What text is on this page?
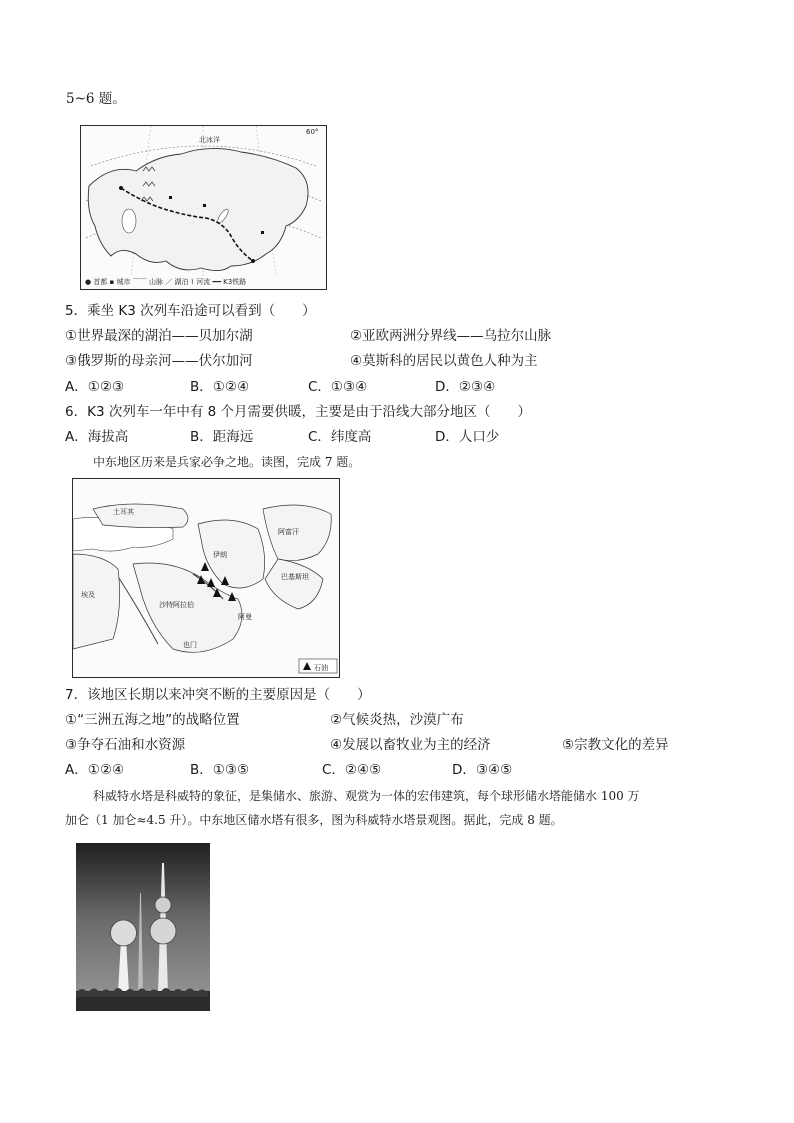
5~6 题。
北冰洋
60°
● 首都 ▪ 城市 ⌒⌒ 山脉 ／ 湖泊 ⌇ 河流 ━━ K3铁路
5．乘坐 K3 次列车沿途可以看到（　　）
①世界最深的湖泊——贝加尔湖	②亚欧两洲分界线——乌拉尔山脉
③俄罗斯的母亲河——伏尔加河	④莫斯科的居民以黄色人种为主
A．①②③	B．①②④	C．①③④	D．②③④
6．K3 次列车一年中有 8 个月需要供暖，主要是由于沿线大部分地区（　　）
A．海拔高	B．距海远	C．纬度高	D．人口少
中东地区历来是兵家必争之地。读图，完成 7 题。
土耳其
伊朗
阿富汗
巴基斯坦
沙特阿拉伯
埃及
也门
阿曼
石油
7．该地区长期以来冲突不断的主要原因是（　　）
①“三洲五海之地”的战略位置	②气候炎热，沙漠广布
③争夺石油和水资源	④发展以畜牧业为主的经济	⑤宗教文化的差异
A．①②④	B．①③⑤	C．②④⑤	D．③④⑤
科威特水塔是科威特的象征，是集储水、旅游、观赏为一体的宏伟建筑，每个球形储水塔能储水 100 万
加仑（1 加仑≈4.5 升）。中东地区储水塔有很多，图为科威特水塔景观图。据此，完成 8 题。
